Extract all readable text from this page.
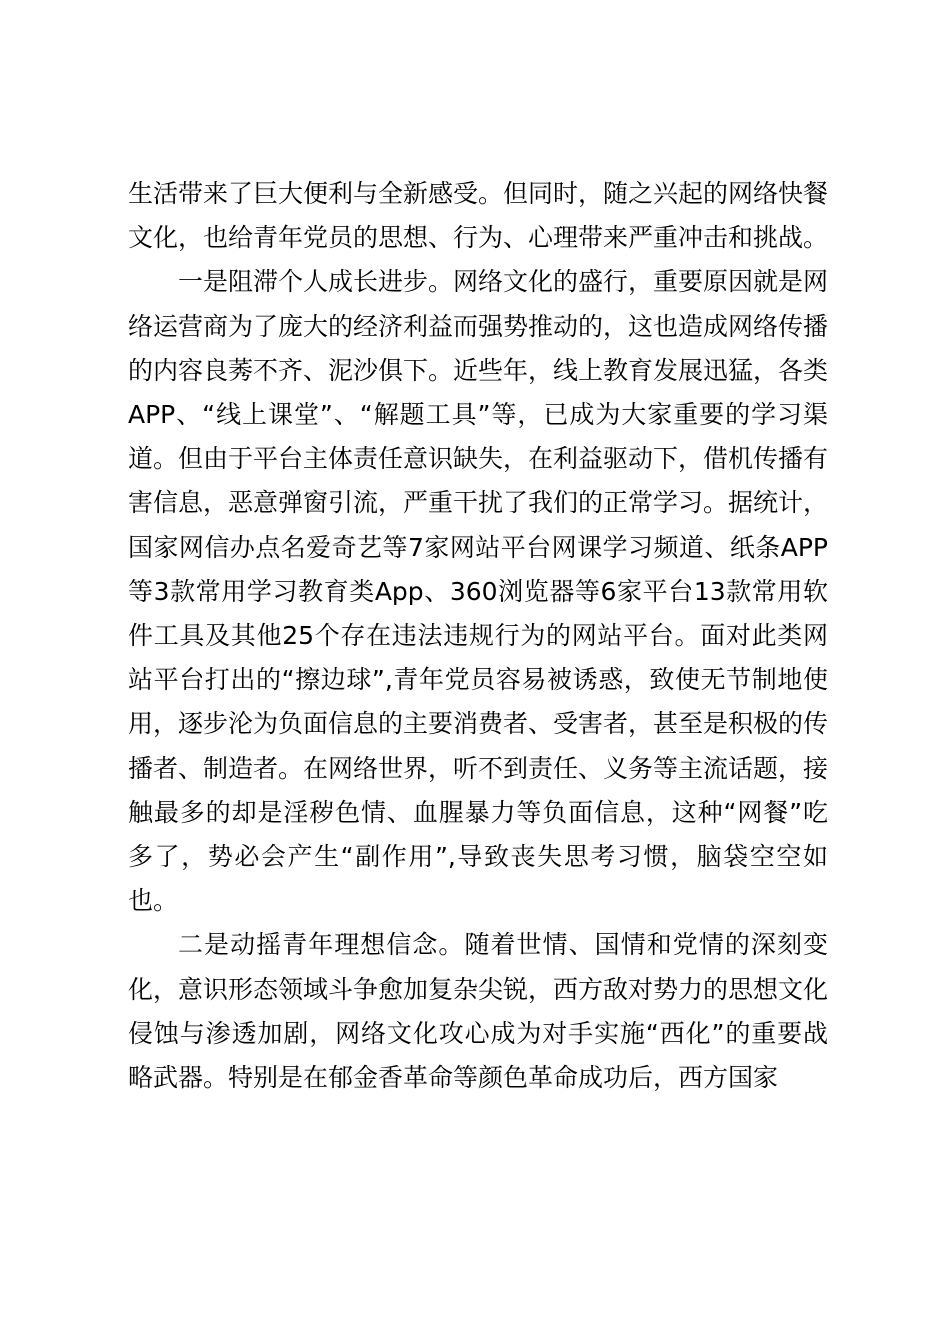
生活带来了巨大便利与全新感受。但同时，随之兴起的网络快餐文化，也给青年党员的思想、行为、心理带来严重冲击和挑战。

一是阻滞个人成长进步。网络文化的盛行，重要原因就是网络运营商为了庞大的经济利益而强势推动的，这也造成网络传播的内容良莠不齐、泥沙俱下。近些年，线上教育发展迅猛，各类APP、“线上课堂”、“解题工具”等，已成为大家重要的学习渠道。但由于平台主体责任意识缺失，在利益驱动下，借机传播有害信息，恶意弹窗引流，严重干扰了我们的正常学习。据统计，国家网信办点名爱奇艺等7家网站平台网课学习频道、纸条APP等3款常用学习教育类App、360浏览器等6家平台13款常用软件工具及其他25个存在违法违规行为的网站平台。面对此类网站平台打出的“擦边球”,青年党员容易被诱惑，致使无节制地使用，逐步沦为负面信息的主要消费者、受害者，甚至是积极的传播者、制造者。在网络世界，听不到责任、义务等主流话题，接触最多的却是淫秽色情、血腥暴力等负面信息，这种“网餐”吃多了，势必会产生“副作用”,导致丧失思考习惯，脑袋空空如也。

二是动摇青年理想信念。随着世情、国情和党情的深刻变化，意识形态领域斗争愈加复杂尖锐，西方敌对势力的思想文化侵蚀与渗透加剧，网络文化攻心成为对手实施“西化”的重要战略武器。特别是在郁金香革命等颜色革命成功后，西方国家
